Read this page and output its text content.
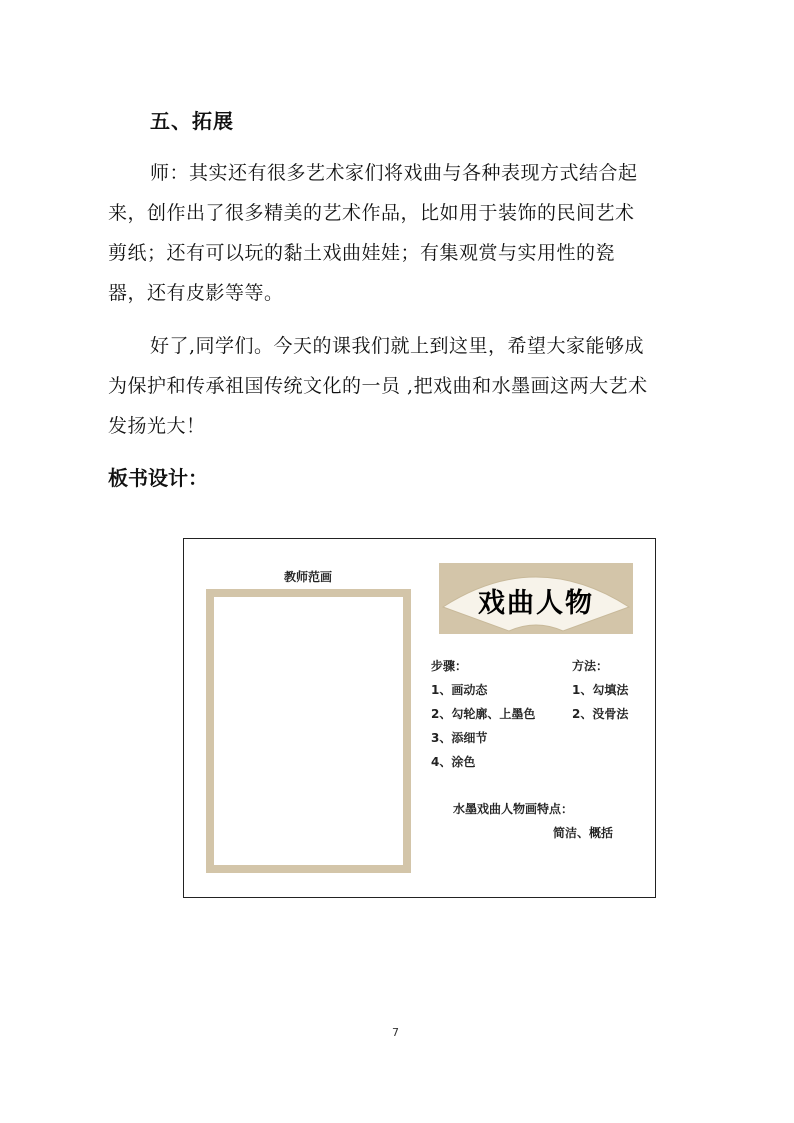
五、拓展
师：其实还有很多艺术家们将戏曲与各种表现方式结合起
来，创作出了很多精美的艺术作品，比如用于装饰的民间艺术
剪纸；还有可以玩的黏土戏曲娃娃；有集观赏与实用性的瓷
器，还有皮影等等。
好了,同学们。今天的课我们就上到这里，希望大家能够成
为保护和传承祖国传统文化的一员 ,把戏曲和水墨画这两大艺术
发扬光大！
板书设计：
教师范画
戏曲人物
步骤：
1、画动态
2、勾轮廓、上墨色
3、添细节
4、涂色
方法：
1、勾填法
2、没骨法
水墨戏曲人物画特点：
简洁、概括
7
